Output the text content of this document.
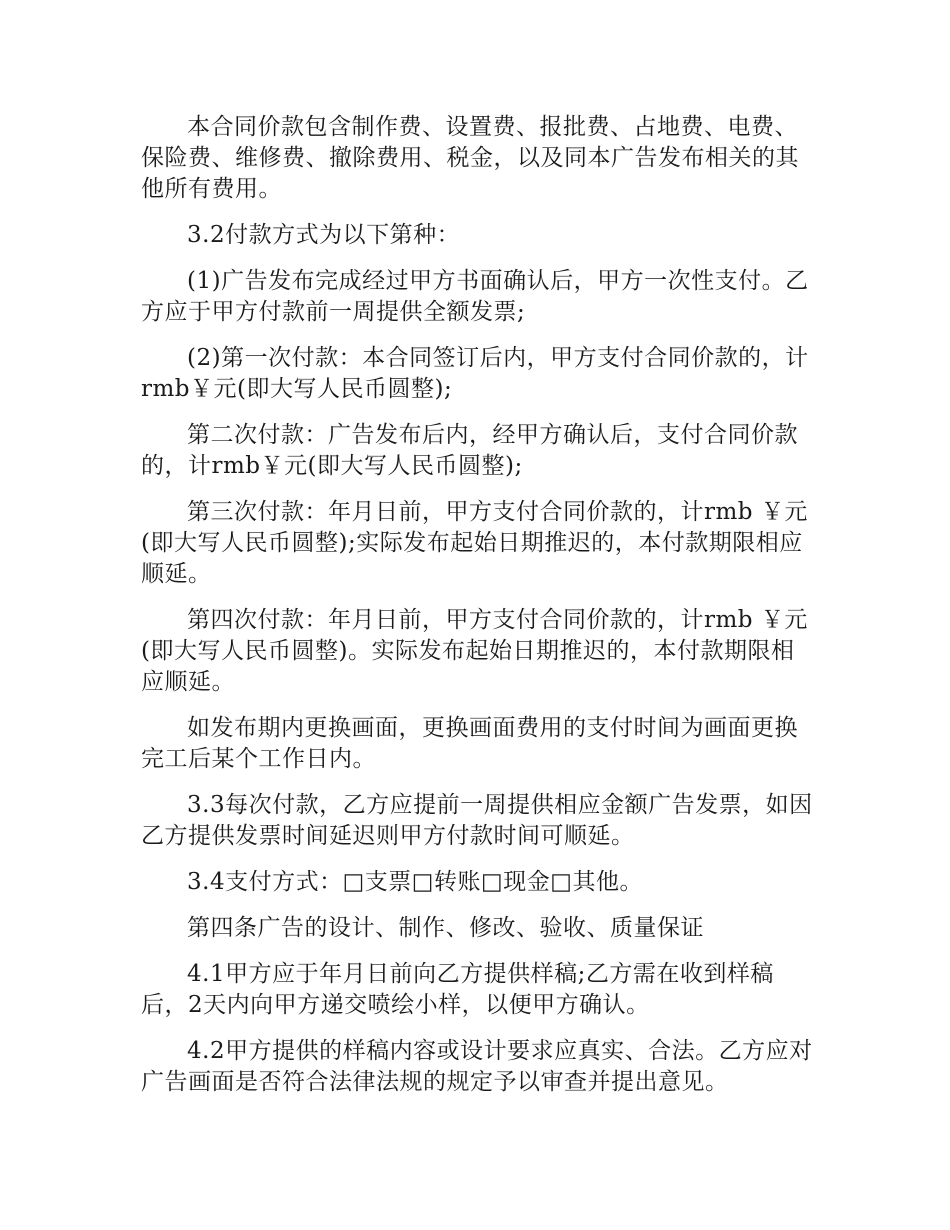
本合同价款包含制作费、设置费、报批费、占地费、电费、保险费、维修费、撤除费用、税金，以及同本广告发布相关的其他所有费用。

3.2付款方式为以下第种：

(1)广告发布完成经过甲方书面确认后，甲方一次性支付。乙方应于甲方付款前一周提供全额发票;

(2)第一次付款：本合同签订后内，甲方支付合同价款的，计rmb￥元(即大写人民币圆整);

第二次付款：广告发布后内，经甲方确认后，支付合同价款的，计rmb￥元(即大写人民币圆整);

第三次付款：年月日前，甲方支付合同价款的，计rmb ￥元(即大写人民币圆整);实际发布起始日期推迟的，本付款期限相应顺延。

第四次付款：年月日前，甲方支付合同价款的，计rmb ￥元(即大写人民币圆整)。实际发布起始日期推迟的，本付款期限相应顺延。

如发布期内更换画面，更换画面费用的支付时间为画面更换完工后某个工作日内。

3.3每次付款，乙方应提前一周提供相应金额广告发票，如因乙方提供发票时间延迟则甲方付款时间可顺延。

3.4支付方式：□支票□转账□现金□其他。

第四条广告的设计、制作、修改、验收、质量保证

4.1甲方应于年月日前向乙方提供样稿;乙方需在收到样稿后，2天内向甲方递交喷绘小样，以便甲方确认。

4.2甲方提供的样稿内容或设计要求应真实、合法。乙方应对广告画面是否符合法律法规的规定予以审查并提出意见。
